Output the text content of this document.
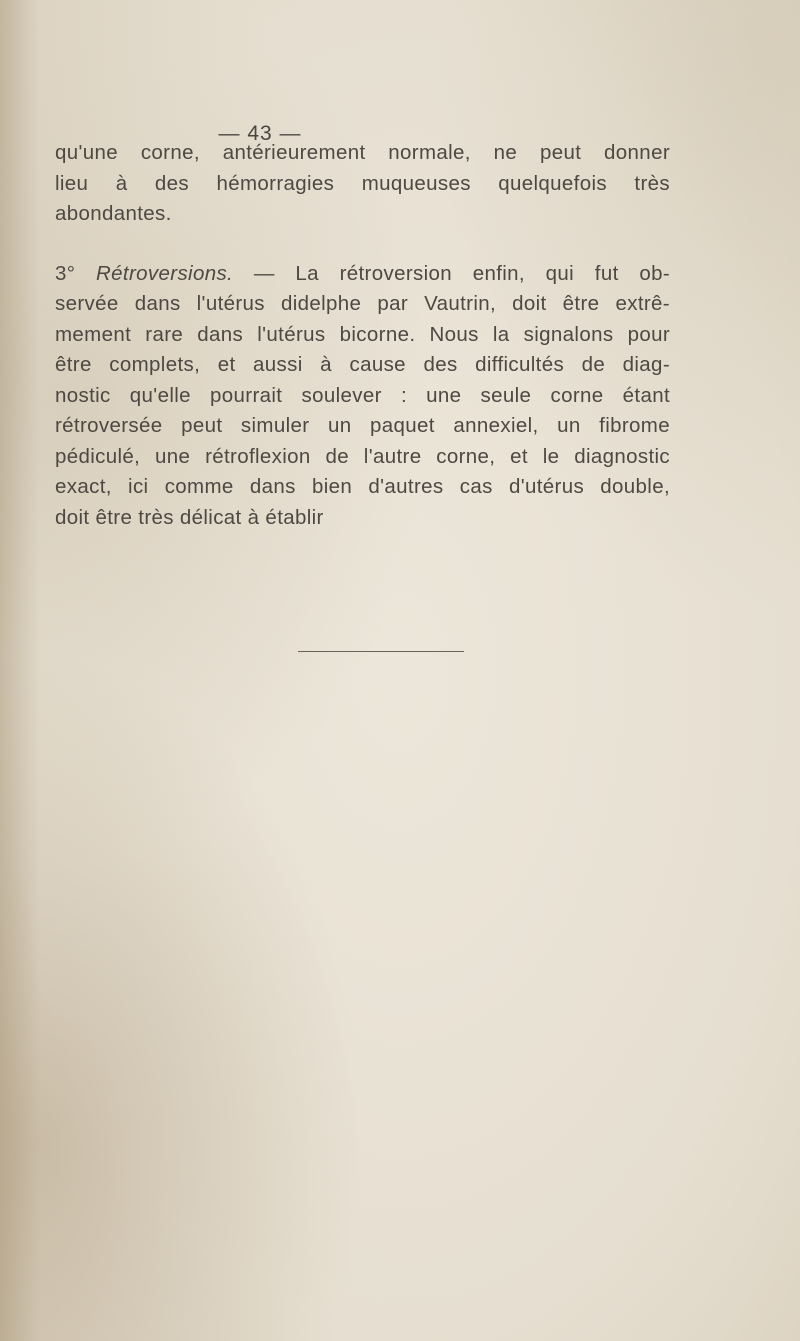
— 43 —
qu'une corne, antérieurement normale, ne peut donner
lieu à des hémorragies muqueuses quelquefois très
abondantes.
3° Rétroversions. — La rétroversion enfin, qui fut ob-
servée dans l'utérus didelphe par Vautrin, doit être extrê-
mement rare dans l'utérus bicorne. Nous la signalons pour
être complets, et aussi à cause des difficultés de diag-
nostic qu'elle pourrait soulever : une seule corne étant
rétroversée peut simuler un paquet annexiel, un fibrome
pédiculé, une rétroflexion de l'autre corne, et le diagnostic
exact, ici comme dans bien d'autres cas d'utérus double,
doit être très délicat à établir
